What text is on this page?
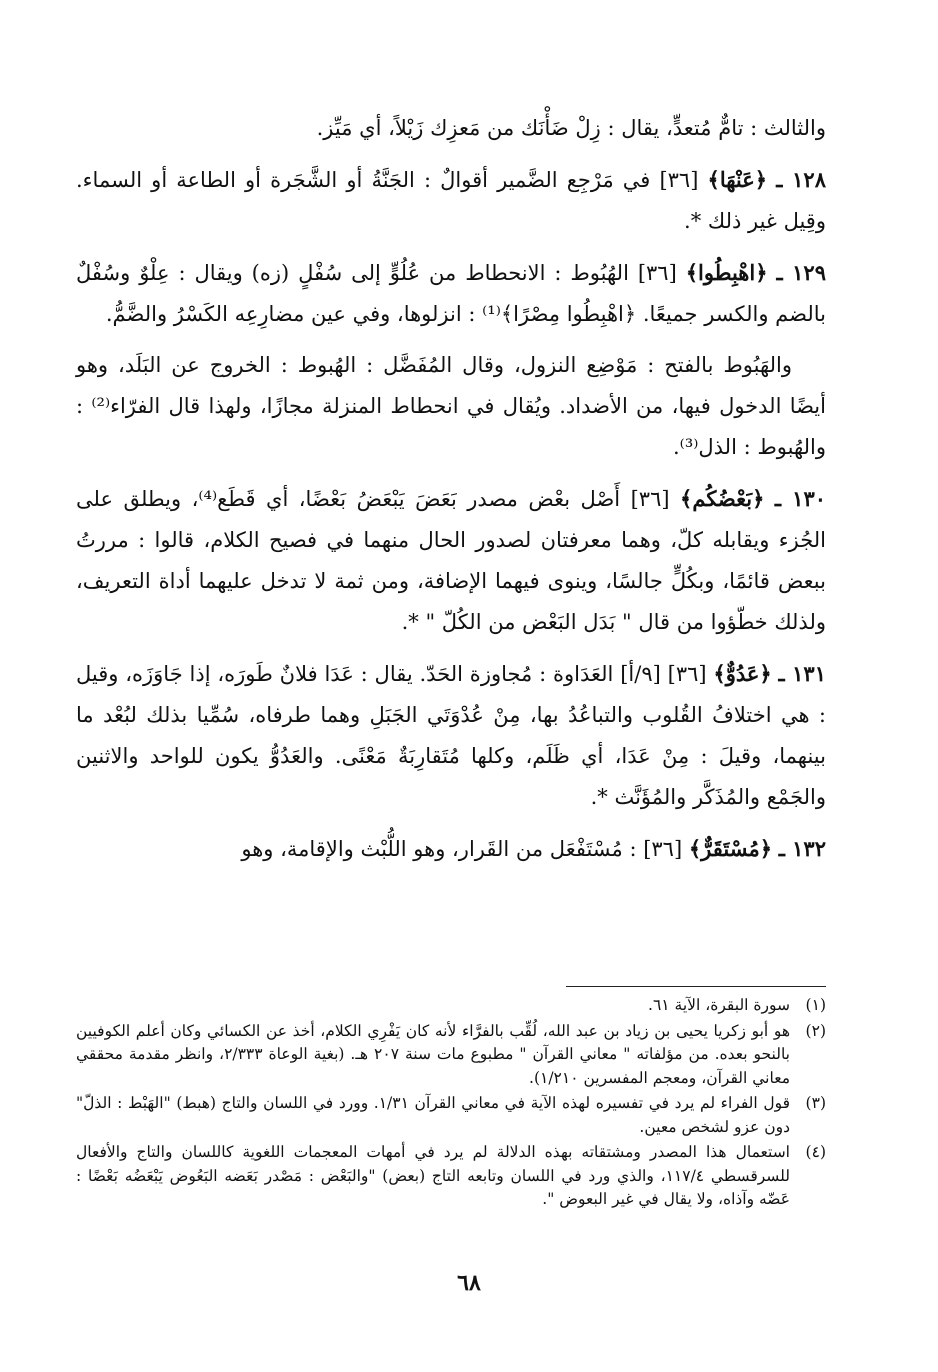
والثالث : تامٌّ مُتعدٍّ، يقال : زِلْ ضَأْنَك من مَعزِك زَيْلاً، أي مَيِّز.

١٢٨ ـ ﴿عَنْهَا﴾ [٣٦] في مَرْجِع الضَّمير أقوالٌ : الجَنَّةُ أو الشَّجَرة أو الطاعة أو السماء. وقِيل غير ذلك *.

١٢٩ ـ ﴿اهْبِطُوا﴾ [٣٦] الهُبُوط : الانحطاط من عُلُوٍّ إلى سُفْلٍ (زه) ويقال : عِلْوٌ وسُفْلٌ بالضم والكسر جميعًا. ﴿اهْبِطُوا مِصْرًا﴾⁽¹⁾ : انزلوها، وفي عين مضارِعِه الكَسْرُ والضَّمُّ.

والهَبُوط بالفتح : مَوْضِع النزول، وقال المُفَضَّل : الهُبوط : الخروج عن البَلَد، وهو أيضًا الدخول فيها، من الأضداد. ويُقال في انحطاط المنزلة مجازًا، ولهذا قال الفرّاء⁽²⁾ : والهُبوط : الذل⁽³⁾.

١٣٠ ـ ﴿بَعْضُكُم﴾ [٣٦] أَصْل بعْض مصدر بَعَضَ يَبْعَضُ بَعْضًا، أي قَطَع⁽⁴⁾، ويطلق على الجُزء ويقابله كلّ، وهما معرفتان لصدور الحال منهما في فصيح الكلام، قالوا : مررتُ ببعض قائمًا، وبكُلٍّ جالسًا، وينوى فيهما الإضافة، ومن ثمة لا تدخل عليهما أداة التعريف، ولذلك خطّؤوا من قال " بَدَل البَعْض من الكُلّ " *.

١٣١ ـ ﴿عَدُوٌّ﴾ [٣٦] [٩/أ] العَدَاوة : مُجاوزة الحَدّ. يقال : عَدَا فلانٌ طَورَه، إذا جَاوَزَه، وقيل : هي اختلافُ القُلوب والتباعُدُ بها، مِنْ عُدْوَتَي الجَبَلِ وهما طرفاه، سُمِّيا بذلك لبُعْد ما بينهما، وقيلَ : مِنْ عَدَا، أي ظَلَم، وكلها مُتَقارِبَةٌ مَعْنًى. والعَدُوُّ يكون للواحد والاثنين والجَمْع والمُذَكَّر والمُؤَنَّث *.

١٣٢ ـ ﴿مُسْتَقَرٌّ﴾ [٣٦] : مُسْتَفْعَل من القَرار، وهو اللُّبْث والإقامة، وهو

(١)
سورة البقرة، الآية ٦١.
(٢)
هو أبو زكريا يحيى بن زياد بن عبد الله، لُقِّب بالفرَّاء لأنه كان يَفْرِي الكلام، أخذ عن الكسائي وكان أعلم الكوفيين بالنحو بعده. من مؤلفاته " معاني القرآن " مطبوع مات سنة ٢٠٧ هـ. (بغية الوعاة ٢/٣٣٣، وانظر مقدمة محققي معاني القرآن، ومعجم المفسرين ١/٢١٠).
(٣)
قول الفراء لم يرد في تفسيره لهذه الآية في معاني القرآن ١/٣١. وورد في اللسان والتاج (هبط) "الهَبْط : الذلّ" دون عزو لشخص معين.
(٤)
استعمال هذا المصدر ومشتقاته بهذه الدلالة لم يرد في أمهات المعجمات اللغوية كاللسان والتاج والأفعال للسرقسطي ١١٧/٤، والذي ورد في اللسان وتابعه التاج (بعض) "والبَعْض : مَصْدر بَعَضه البَعُوض يَبْعَضُه بَعْضًا : عَضّه وآذاه، ولا يقال في غير البعوض ".
٦٨
